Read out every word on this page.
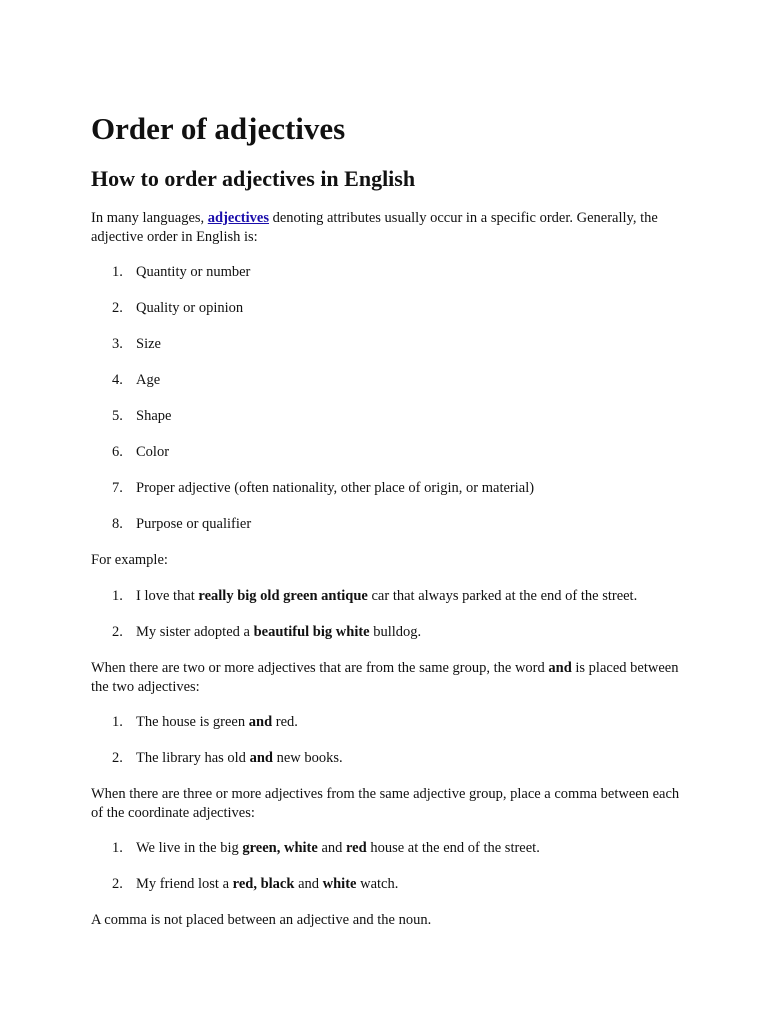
Order of adjectives
How to order adjectives in English

In many languages, adjectives denoting attributes usually occur in a specific order. Generally, the adjective order in English is:

1. Quantity or number
2. Quality or opinion
3. Size
4. Age
5. Shape
6. Color
7. Proper adjective (often nationality, other place of origin, or material)
8. Purpose or qualifier

For example:

1. I love that really big old green antique car that always parked at the end of the street.
2. My sister adopted a beautiful big white bulldog.

When there are two or more adjectives that are from the same group, the word and is placed between the two adjectives:

1. The house is green and red.
2. The library has old and new books.

When there are three or more adjectives from the same adjective group, place a comma between each of the coordinate adjectives:

1. We live in the big green, white and red house at the end of the street.
2. My friend lost a red, black and white watch.

A comma is not placed between an adjective and the noun.
